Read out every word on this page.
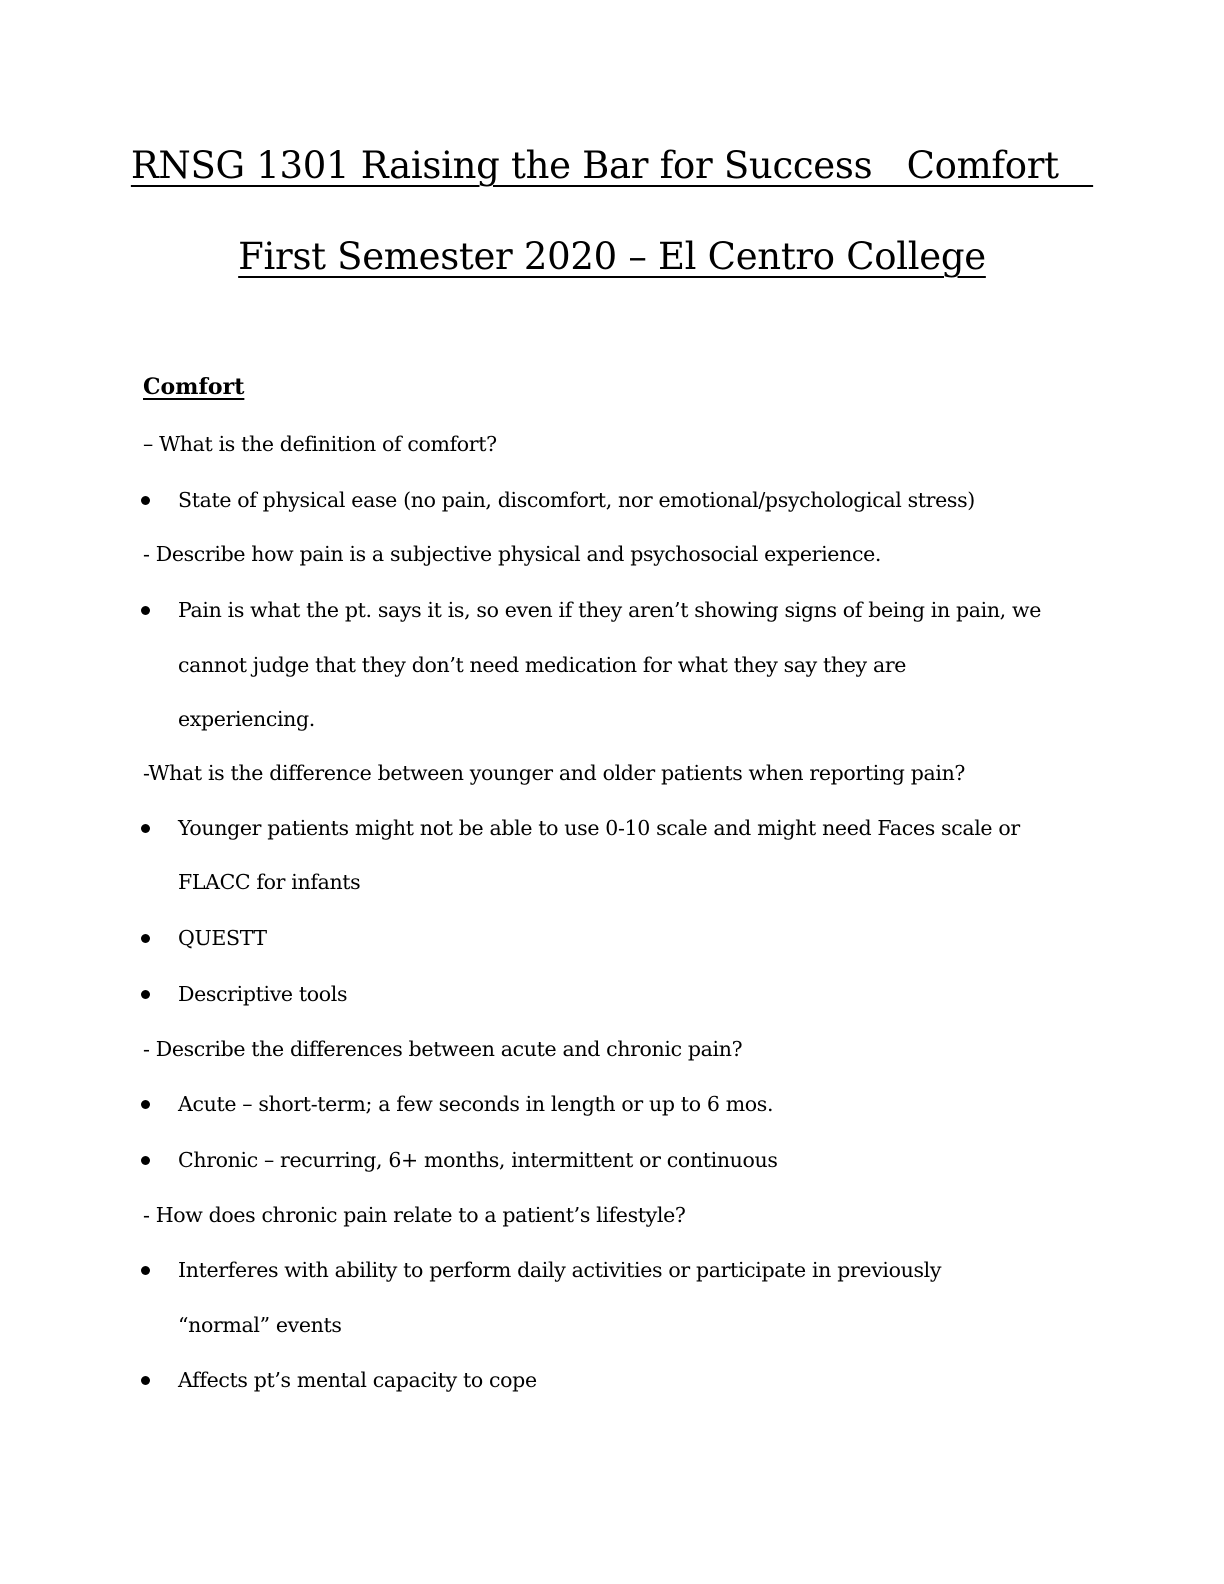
RNSG 1301 Raising the Bar for Success   Comfort
First Semester 2020 – El Centro College
Comfort
– What is the definition of comfort?
State of physical ease (no pain, discomfort, nor emotional/psychological stress)
- Describe how pain is a subjective physical and psychosocial experience.
Pain is what the pt. says it is, so even if they aren’t showing signs of being in pain, we
cannot judge that they don’t need medication for what they say they are
experiencing.
-What is the difference between younger and older patients when reporting pain?
Younger patients might not be able to use 0-10 scale and might need Faces scale or
FLACC for infants
QUESTT
Descriptive tools
- Describe the differences between acute and chronic pain?
Acute – short-term; a few seconds in length or up to 6 mos.
Chronic – recurring, 6+ months, intermittent or continuous
- How does chronic pain relate to a patient’s lifestyle?
Interferes with ability to perform daily activities or participate in previously
“normal” events
Affects pt’s mental capacity to cope
